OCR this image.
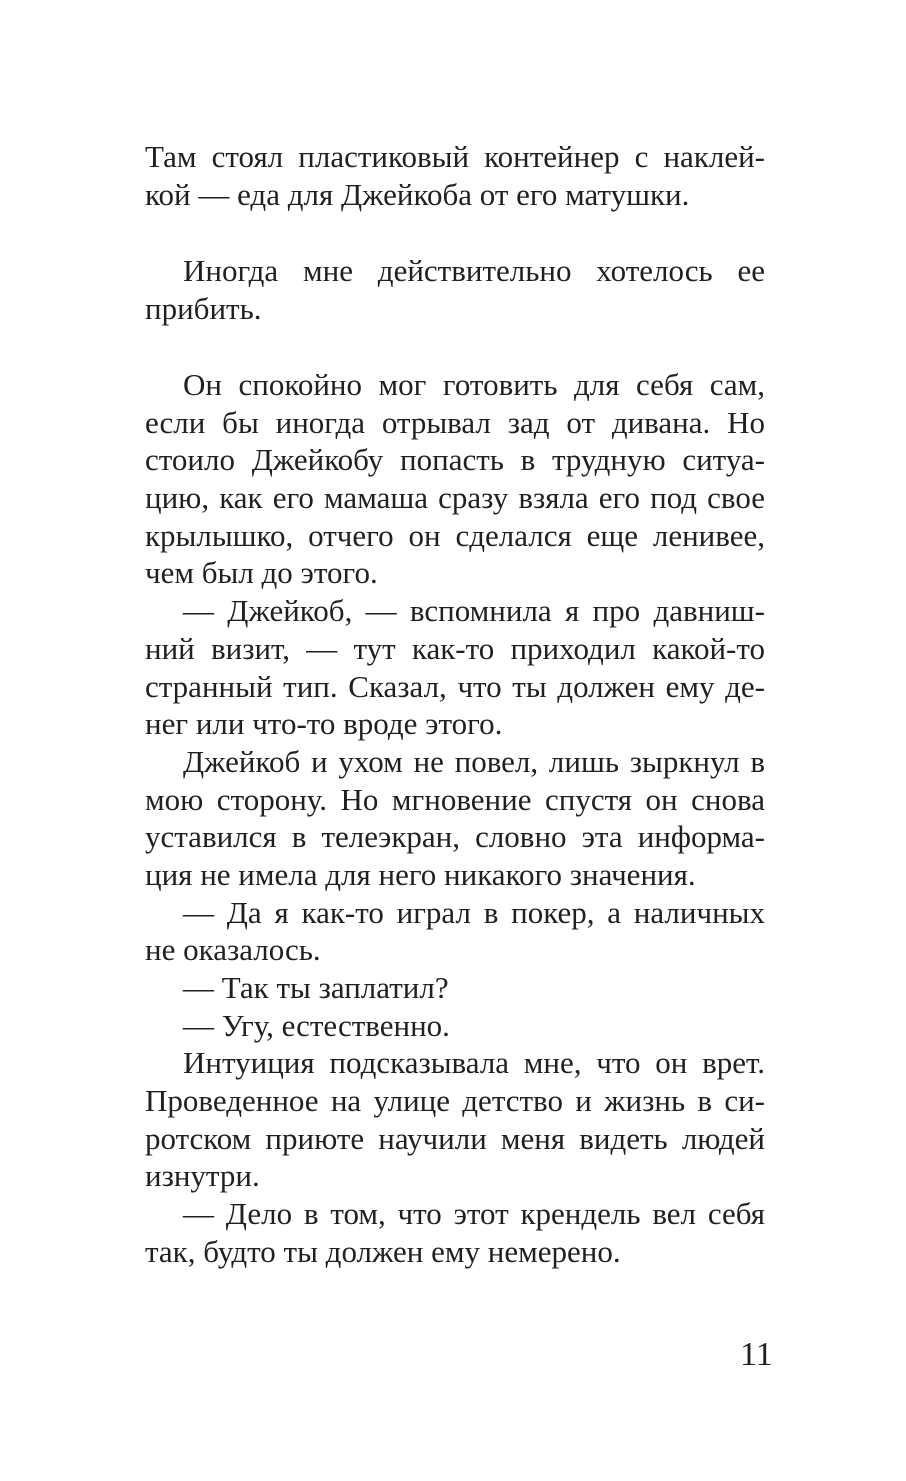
Там стоял пластиковый контейнер с наклей-
кой — еда для Джейкоба от его матушки.
Иногда мне действительно хотелось ее
прибить.
Он спокойно мог готовить для себя сам,
если бы иногда отрывал зад от дивана. Но
стоило Джейкобу попасть в трудную ситуа-
цию, как его мамаша сразу взяла его под свое
крылышко, отчего он сделался еще ленивее,
чем был до этого.
— Джейкоб, — вспомнила я про давниш-
ний визит, — тут как-то приходил какой-то
странный тип. Сказал, что ты должен ему де-
нег или что-то вроде этого.
Джейкоб и ухом не повел, лишь зыркнул в
мою сторону. Но мгновение спустя он снова
уставился в телеэкран, словно эта информа-
ция не имела для него никакого значения.
— Да я как-то играл в покер, а наличных
не оказалось.
— Так ты заплатил?
— Угу, естественно.
Интуиция подсказывала мне, что он врет.
Проведенное на улице детство и жизнь в си-
ротском приюте научили меня видеть людей
изнутри.
— Дело в том, что этот крендель вел себя
так, будто ты должен ему немерено.
11
